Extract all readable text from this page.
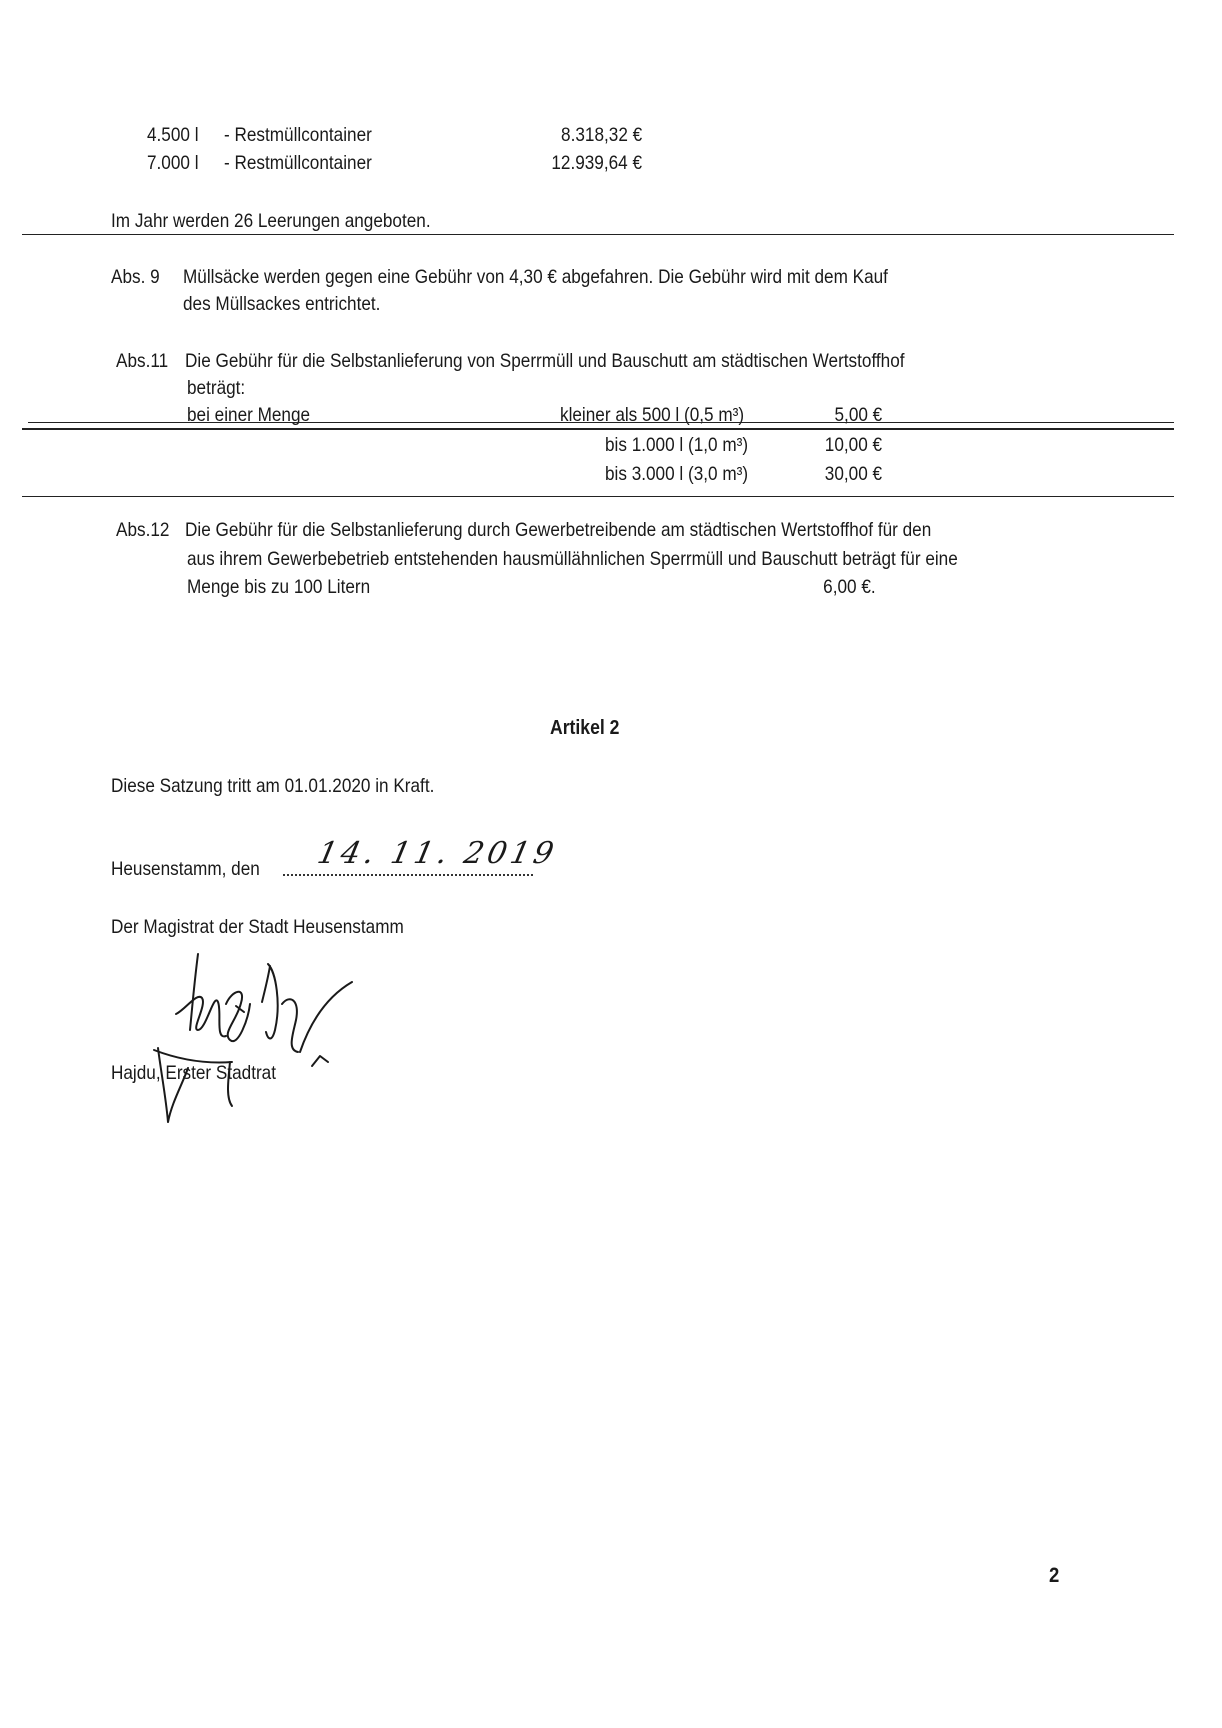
4.500 l - Restmüllcontainer	8.318,32 €
7.000 l - Restmüllcontainer	12.939,64 €
Im Jahr werden 26 Leerungen angeboten.
Abs. 9 Müllsäcke werden gegen eine Gebühr von 4,30 € abgefahren. Die Gebühr wird mit dem Kauf
des Müllsackes entrichtet.
Abs.11 Die Gebühr für die Selbstanlieferung von Sperrmüll und Bauschutt am städtischen Wertstoffhof
beträgt:
bei einer Menge	kleiner als 500 l (0,5 m³)	5,00 €
bis 1.000 l (1,0 m³)	10,00 €
bis 3.000 l (3,0 m³)	30,00 €
Abs.12 Die Gebühr für die Selbstanlieferung durch Gewerbetreibende am städtischen Wertstoffhof für den
aus ihrem Gewerbebetrieb entstehenden hausmüllähnlichen Sperrmüll und Bauschutt beträgt für eine
Menge bis zu 100 Litern	6,00 €.
Artikel 2
Diese Satzung tritt am 01.01.2020 in Kraft.
Heusenstamm, den 14. 11. 2019
Der Magistrat der Stadt Heusenstamm
Hajdu, Erster Stadtrat
2
